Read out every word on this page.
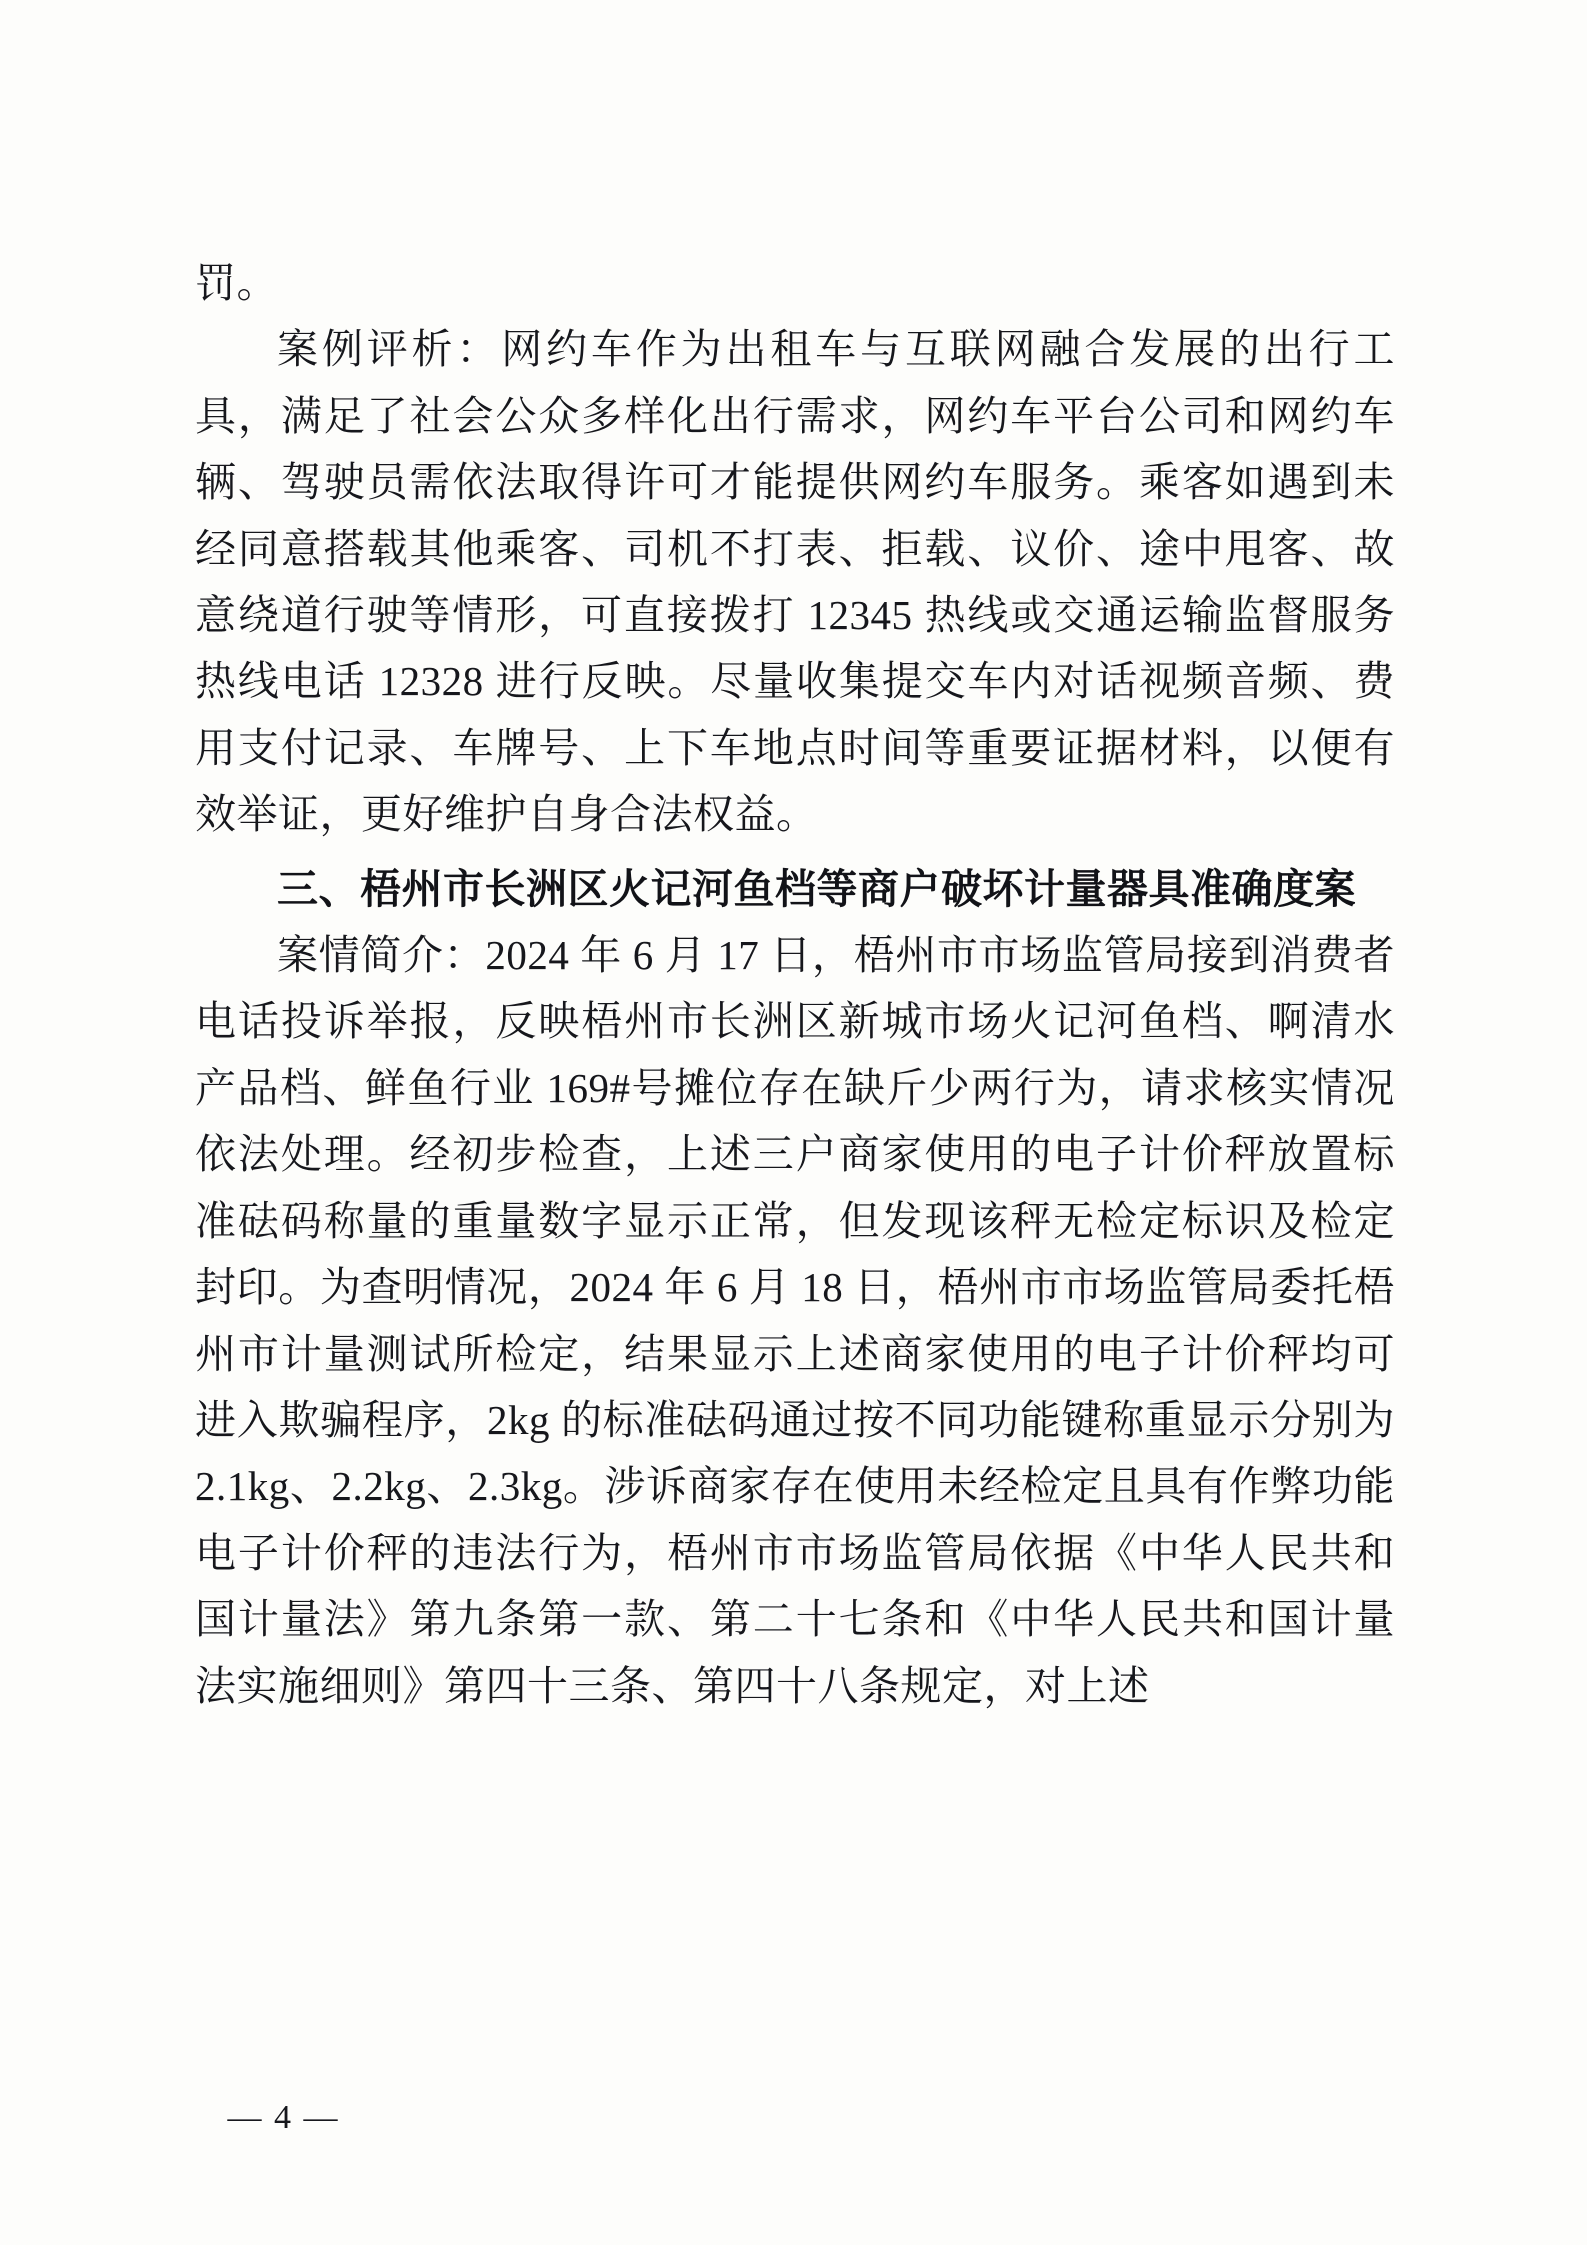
罚。

案例评析：网约车作为出租车与互联网融合发展的出行工具，满足了社会公众多样化出行需求，网约车平台公司和网约车辆、驾驶员需依法取得许可才能提供网约车服务。乘客如遇到未经同意搭载其他乘客、司机不打表、拒载、议价、途中甩客、故意绕道行驶等情形，可直接拨打 12345 热线或交通运输监督服务热线电话 12328 进行反映。尽量收集提交车内对话视频音频、费用支付记录、车牌号、上下车地点时间等重要证据材料，以便有效举证，更好维护自身合法权益。

三、梧州市长洲区火记河鱼档等商户破坏计量器具准确度案

案情简介：2024 年 6 月 17 日，梧州市市场监管局接到消费者电话投诉举报，反映梧州市长洲区新城市场火记河鱼档、啊清水产品档、鲜鱼行业 169#号摊位存在缺斤少两行为，请求核实情况依法处理。经初步检查，上述三户商家使用的电子计价秤放置标准砝码称量的重量数字显示正常，但发现该秤无检定标识及检定封印。为查明情况，2024 年 6 月 18 日，梧州市市场监管局委托梧州市计量测试所检定，结果显示上述商家使用的电子计价秤均可进入欺骗程序，2kg 的标准砝码通过按不同功能键称重显示分别为 2.1kg、2.2kg、2.3kg。涉诉商家存在使用未经检定且具有作弊功能电子计价秤的违法行为，梧州市市场监管局依据《中华人民共和国计量法》第九条第一款、第二十七条和《中华人民共和国计量法实施细则》第四十三条、第四十八条规定，对上述

— 4 —
